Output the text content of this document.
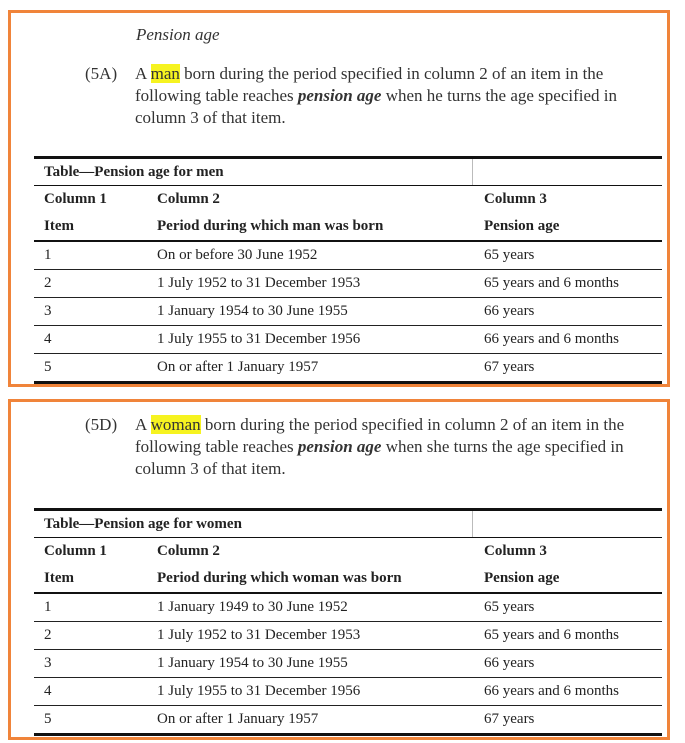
Pension age
(5A) A man born during the period specified in column 2 of an item in the following table reaches pension age when he turns the age specified in column 3 of that item.
Table—Pension age for men
Column 1	Column 2	Column 3
Item	Period during which man was born	Pension age
1	On or before 30 June 1952	65 years
2	1 July 1952 to 31 December 1953	65 years and 6 months
3	1 January 1954 to 30 June 1955	66 years
4	1 July 1955 to 31 December 1956	66 years and 6 months
5	On or after 1 January 1957	67 years
(5D) A woman born during the period specified in column 2 of an item in the following table reaches pension age when she turns the age specified in column 3 of that item.
Table—Pension age for women
Column 1	Column 2	Column 3
Item	Period during which woman was born	Pension age
1	1 January 1949 to 30 June 1952	65 years
2	1 July 1952 to 31 December 1953	65 years and 6 months
3	1 January 1954 to 30 June 1955	66 years
4	1 July 1955 to 31 December 1956	66 years and 6 months
5	On or after 1 January 1957	67 years
